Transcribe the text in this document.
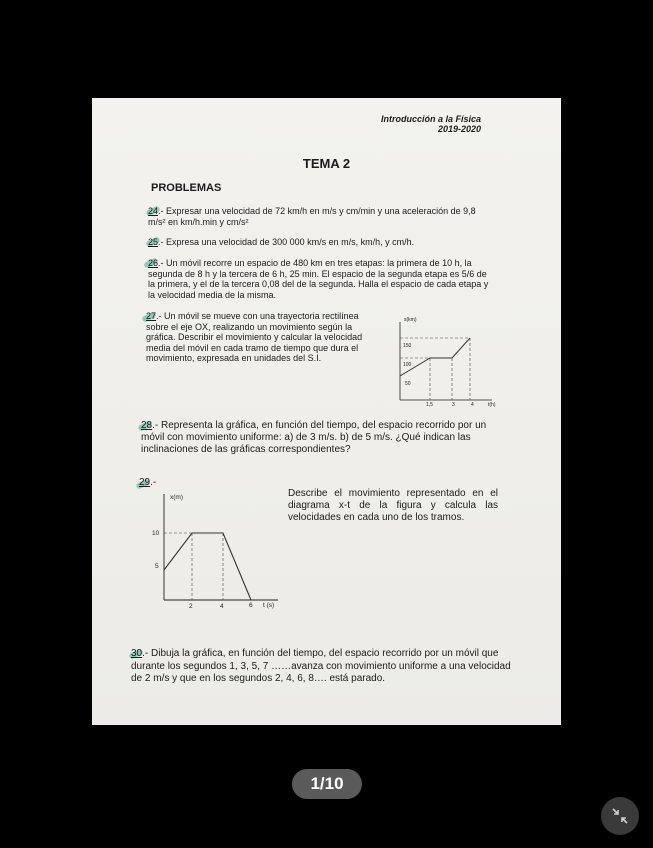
Introducción a la Física
2019-2020
TEMA 2
PROBLEMAS
24.- Expresar una velocidad de 72 km/h en m/s y cm/min y una aceleración de 9,8 m/s² en km/h.min y cm/s²
25.- Expresa una velocidad de 300 000 km/s en m/s, km/h, y cm/h.
26.- Un móvil recorre un espacio de 480 km en tres etapas: la primera de 10 h, la segunda de 8 h y la tercera de 6 h, 25 min. El espacio de la segunda etapa es 5/6 de la primera, y el de la tercera 0,08 del de la segunda. Halla el espacio de cada etapa y la velocidad media de la misma.
27.- Un móvil se mueve con una trayectoria rectilínea sobre el eje OX, realizando un movimiento según la gráfica. Describir el movimiento y calcular la velocidad media del móvil en cada tramo de tiempo que dura el movimiento, expresada en unidades del S.I.
s(km)
t(h)
150
100
50
1,5	3	4
28.- Representa la gráfica, en función del tiempo, del espacio recorrido por un móvil con movimiento uniforme: a) de 3 m/s. b) de 5 m/s. ¿Qué indican las inclinaciones de las gráficas correspondientes?
29.-
Describe el movimiento representado en el diagrama x-t de la figura y calcula las velocidades en cada uno de los tramos.
x(m)
t (s)
10
5
2	4	6
30.- Dibuja la gráfica, en función del tiempo, del espacio recorrido por un móvil que durante los segundos 1, 3, 5, 7 ……avanza con movimiento uniforme a una velocidad de 2 m/s y que en los segundos 2, 4, 6, 8…. está parado.
1/10
